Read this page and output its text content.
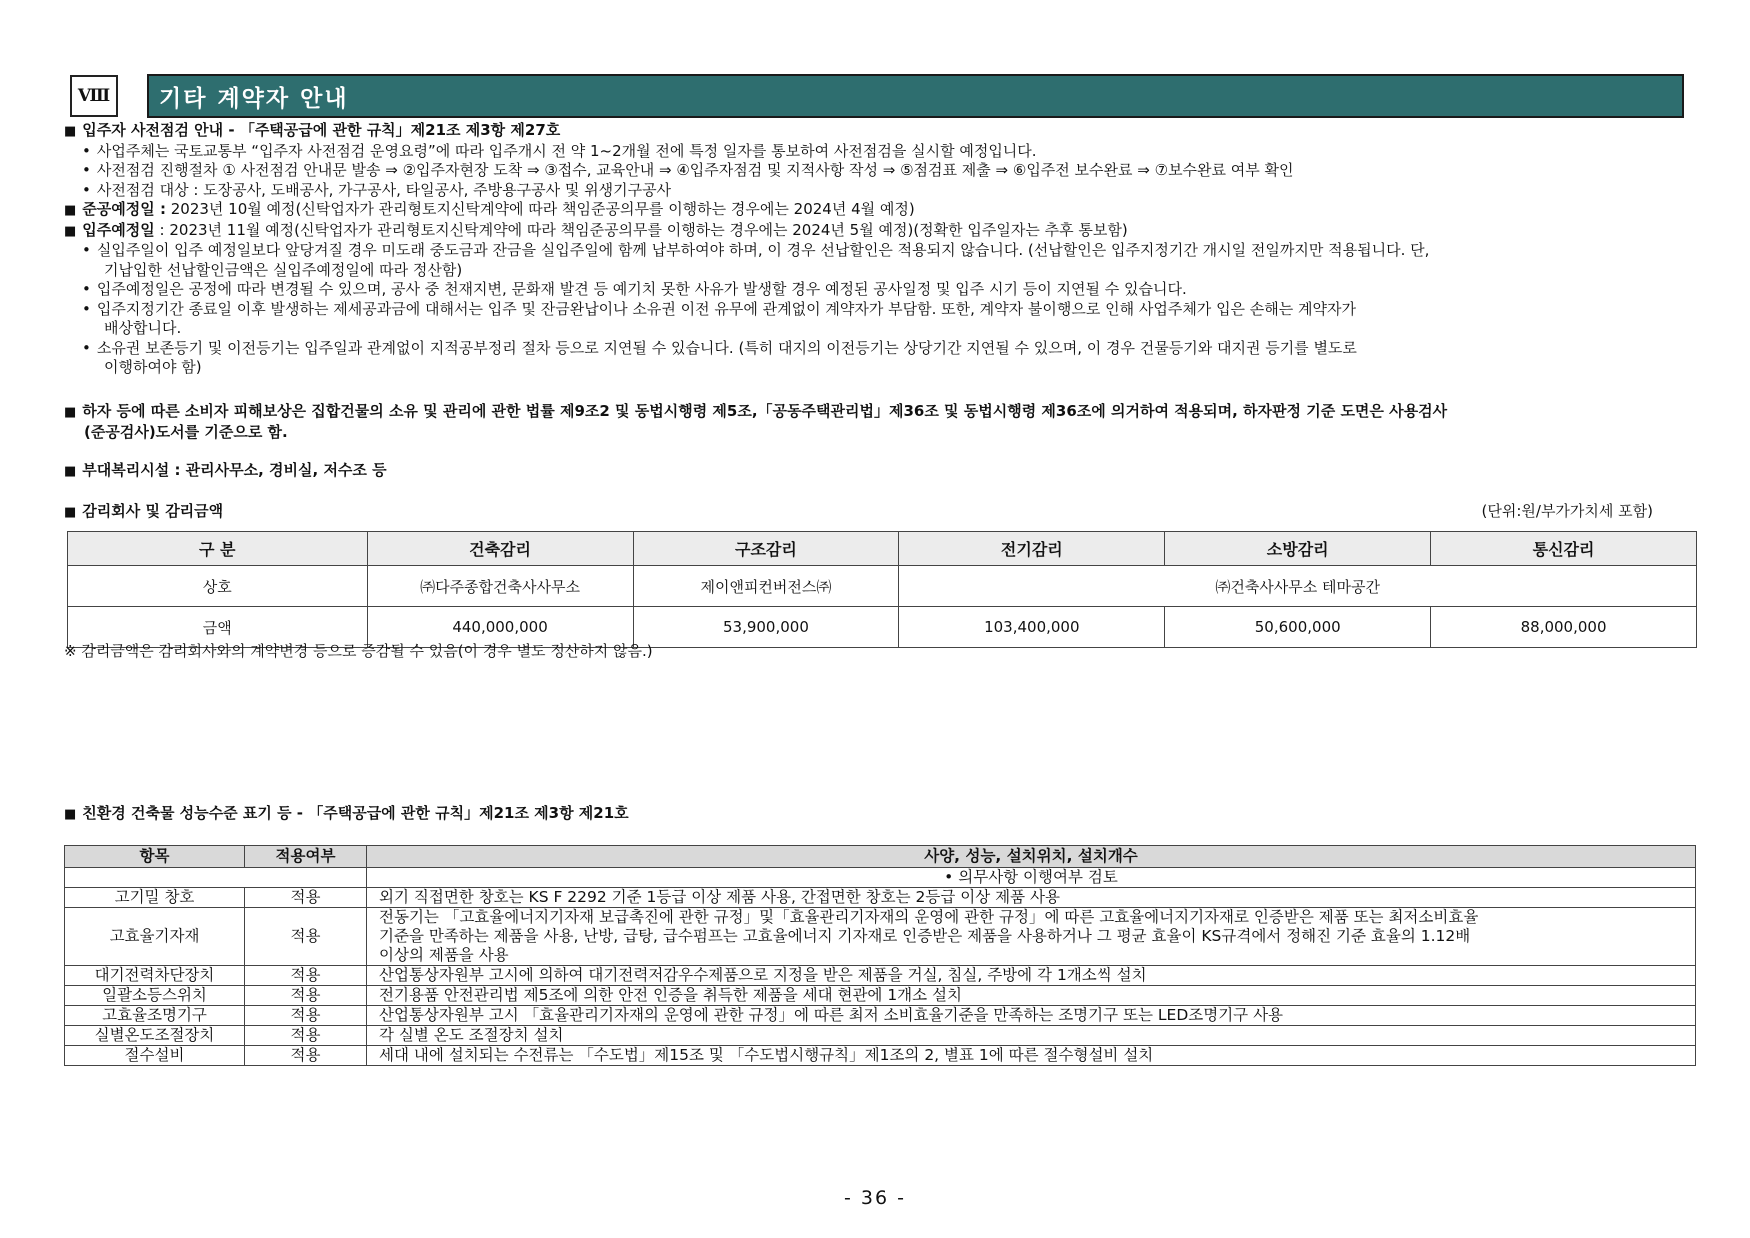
Ⅷ	기타 계약자 안내
■ 입주자 사전점검 안내 - 「주택공급에 관한 규칙」제21조 제3항 제27호
• 사업주체는 국토교통부 “입주자 사전점검 운영요령”에 따라 입주개시 전 약 1~2개월 전에 특정 일자를 통보하여 사전점검을 실시할 예정입니다.
• 사전점검 진행절차 ① 사전점검 안내문 발송 ⇒ ②입주자현장 도착 ⇒ ③접수, 교육안내 ⇒ ④입주자점검 및 지적사항 작성 ⇒ ⑤점검표 제출 ⇒ ⑥입주전 보수완료 ⇒ ⑦보수완료 여부 확인
• 사전점검 대상 : 도장공사, 도배공사, 가구공사, 타일공사, 주방용구공사 및 위생기구공사
■ 준공예정일 : 2023년 10월 예정(신탁업자가 관리형토지신탁계약에 따라 책임준공의무를 이행하는 경우에는 2024년 4월 예정)
■ 입주예정일 : 2023년 11월 예정(신탁업자가 관리형토지신탁계약에 따라 책임준공의무를 이행하는 경우에는 2024년 5월 예정)(정확한 입주일자는 추후 통보함)
• 실입주일이 입주 예정일보다 앞당겨질 경우 미도래 중도금과 잔금을 실입주일에 함께 납부하여야 하며, 이 경우 선납할인은 적용되지 않습니다. (선납할인은 입주지정기간 개시일 전일까지만 적용됩니다. 단,
기납입한 선납할인금액은 실입주예정일에 따라 정산함)
• 입주예정일은 공정에 따라 변경될 수 있으며, 공사 중 천재지변, 문화재 발견 등 예기치 못한 사유가 발생할 경우 예정된 공사일정 및 입주 시기 등이 지연될 수 있습니다.
• 입주지정기간 종료일 이후 발생하는 제세공과금에 대해서는 입주 및 잔금완납이나 소유권 이전 유무에 관계없이 계약자가 부담함. 또한, 계약자 불이행으로 인해 사업주체가 입은 손해는 계약자가
배상합니다.
• 소유권 보존등기 및 이전등기는 입주일과 관계없이 지적공부정리 절차 등으로 지연될 수 있습니다. (특히 대지의 이전등기는 상당기간 지연될 수 있으며, 이 경우 건물등기와 대지권 등기를 별도로
이행하여야 함)
■ 하자 등에 따른 소비자 피해보상은 집합건물의 소유 및 관리에 관한 법률 제9조2 및 동법시행령 제5조,「공동주택관리법」제36조 및 동법시행령 제36조에 의거하여 적용되며, 하자판정 기준 도면은 사용검사
(준공검사)도서를 기준으로 함.
■ 부대복리시설 : 관리사무소, 경비실, 저수조 등
■ 감리회사 및 감리금액	(단위:원/부가가치세 포함)
구 분	건축감리	구조감리	전기감리	소방감리	통신감리
상호	㈜다주종합건축사사무소	제이앤피컨버전스㈜	㈜건축사사무소 테마공간		
금액	440,000,000	53,900,000	103,400,000	50,600,000	88,000,000
※ 감리금액은 감리회사와의 계약변경 등으로 증감될 수 있음(이 경우 별도 정산하지 않음.)
■ 친환경 건축물 성능수준 표기 등 - 「주택공급에 관한 규칙」제21조 제3항 제21호
항목	적용여부	사양, 성능, 설치위치, 설치개수
		• 의무사항 이행여부 검토
고기밀 창호	적용	외기 직접면한 창호는 KS F 2292 기준 1등급 이상 제품 사용, 간접면한 창호는 2등급 이상 제품 사용

고효율기자재	적용	전동기는 「고효율에너지기자재 보급촉진에 관한 규정」및「효율관리기자재의 운영에 관한 규정」에 따른 고효율에너지기자재로 인증받은 제품 또는 최저소비효율
기준을 만족하는 제품을 사용, 난방, 급탕, 급수펌프는 고효율에너지 기자재로 인증받은 제품을 사용하거나 그 평균 효율이 KS규격에서 정해진 기준 효율의 1.12배
이상의 제품을 사용

대기전력차단장치	적용	산업통상자원부 고시에 의하여 대기전력저감우수제품으로 지정을 받은 제품을 거실, 침실, 주방에 각 1개소씩 설치

일괄소등스위치	적용	전기용품 안전관리법 제5조에 의한 안전 인증을 취득한 제품을 세대 현관에 1개소 설치

고효율조명기구	적용	산업통상자원부 고시 「효율관리기자재의 운영에 관한 규정」에 따른 최저 소비효율기준을 만족하는 조명기구 또는 LED조명기구 사용

실별온도조절장치	적용	각 실별 온도 조절장치 설치

절수설비	적용	세대 내에 설치되는 수전류는 「수도법」제15조 및 「수도법시행규칙」제1조의 2, 별표 1에 따른 절수형설비 설치
- 36 -
